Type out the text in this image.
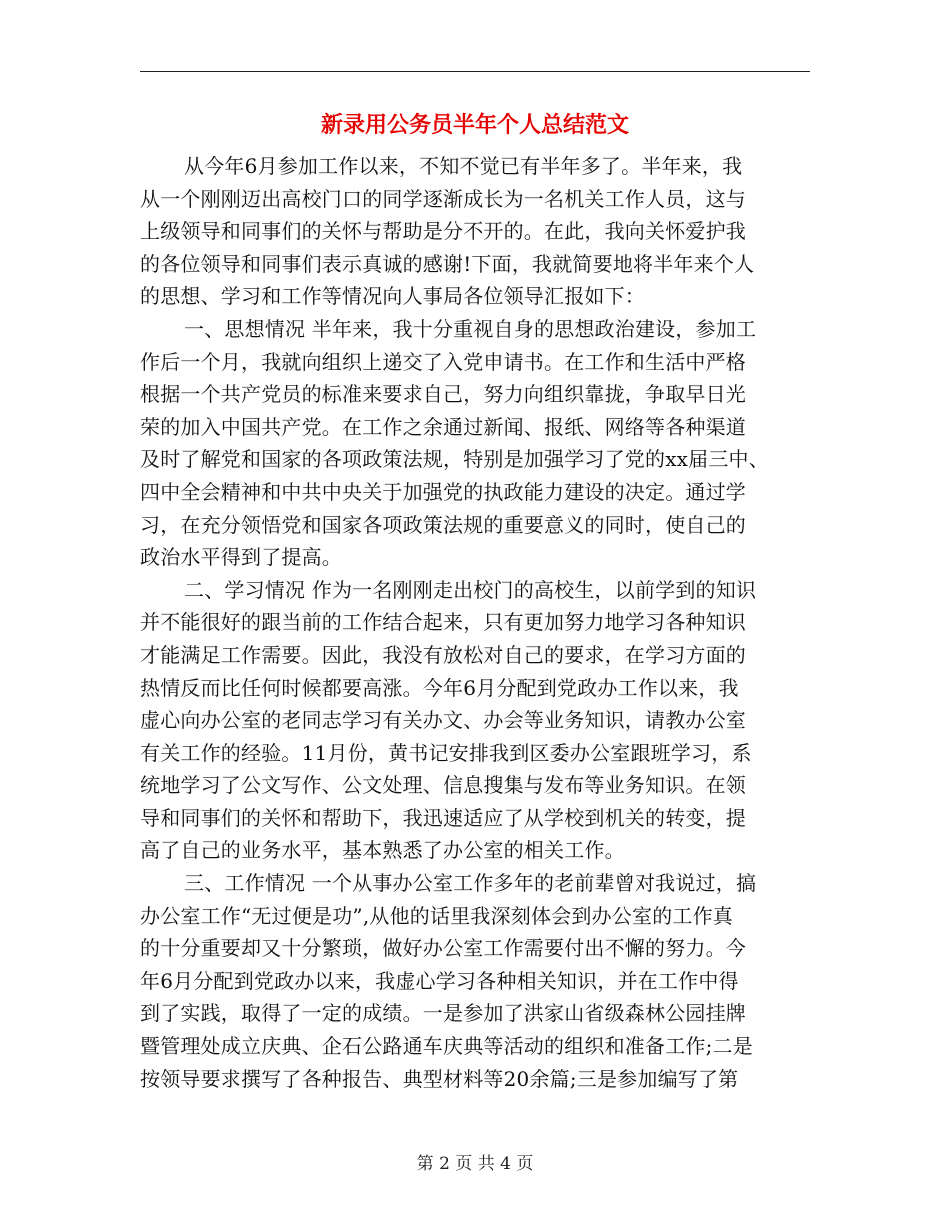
新录用公务员半年个人总结范文
从今年6月参加工作以来，不知不觉已有半年多了。半年来，我
从一个刚刚迈出高校门口的同学逐渐成长为一名机关工作人员，这与
上级领导和同事们的关怀与帮助是分不开的。在此，我向关怀爱护我
的各位领导和同事们表示真诚的感谢!下面，我就简要地将半年来个人
的思想、学习和工作等情况向人事局各位领导汇报如下：
一、思想情况 半年来，我十分重视自身的思想政治建设，参加工
作后一个月，我就向组织上递交了入党申请书。在工作和生活中严格
根据一个共产党员的标准来要求自己，努力向组织靠拢，争取早日光
荣的加入中国共产党。在工作之余通过新闻、报纸、网络等各种渠道
及时了解党和国家的各项政策法规，特别是加强学习了党的xx届三中、
四中全会精神和中共中央关于加强党的执政能力建设的决定。通过学
习，在充分领悟党和国家各项政策法规的重要意义的同时，使自己的
政治水平得到了提高。
二、学习情况 作为一名刚刚走出校门的高校生，以前学到的知识
并不能很好的跟当前的工作结合起来，只有更加努力地学习各种知识
才能满足工作需要。因此，我没有放松对自己的要求，在学习方面的
热情反而比任何时候都要高涨。今年6月分配到党政办工作以来，我
虚心向办公室的老同志学习有关办文、办会等业务知识，请教办公室
有关工作的经验。11月份，黄书记安排我到区委办公室跟班学习，系
统地学习了公文写作、公文处理、信息搜集与发布等业务知识。在领
导和同事们的关怀和帮助下，我迅速适应了从学校到机关的转变，提
高了自己的业务水平，基本熟悉了办公室的相关工作。
三、工作情况 一个从事办公室工作多年的老前辈曾对我说过，搞
办公室工作“无过便是功”,从他的话里我深刻体会到办公室的工作真
的十分重要却又十分繁琐，做好办公室工作需要付出不懈的努力。今
年6月分配到党政办以来，我虚心学习各种相关知识，并在工作中得
到了实践，取得了一定的成绩。一是参加了洪家山省级森林公园挂牌
暨管理处成立庆典、企石公路通车庆典等活动的组织和准备工作;二是
按领导要求撰写了各种报告、典型材料等20余篇;三是参加编写了第
第 2 页 共 4 页
